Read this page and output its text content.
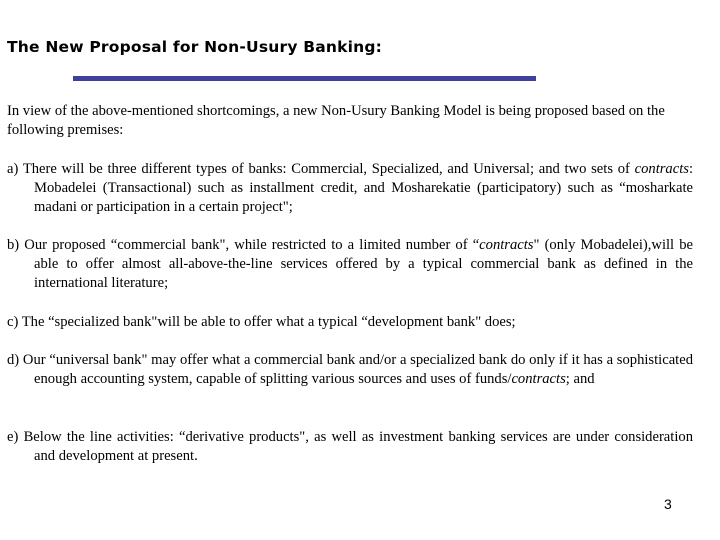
The New Proposal for Non-Usury Banking:
In view of the above-mentioned shortcomings, a new Non-Usury Banking Model is being proposed based on the following premises:
a) There will be three different types of banks: Commercial, Specialized, and Universal; and two sets of contracts: Mobadelei (Transactional) such as installment credit, and Mosharekatie (participatory) such as “mosharkate madani or participation in a certain project";
b) Our proposed “commercial bank", while restricted to a limited number of “contracts" (only Mobadelei),will be able to offer almost all-above-the-line services offered by a typical commercial bank as defined in the international literature;
c) The “specialized bank"will be able to offer what a typical “development bank" does;
d) Our “universal bank" may offer what a commercial bank and/or a specialized bank do only if it has a sophisticated enough accounting system, capable of splitting various sources and uses of funds/contracts; and
e) Below the line activities: “derivative products", as well as investment banking services are under consideration and development at present.
3
